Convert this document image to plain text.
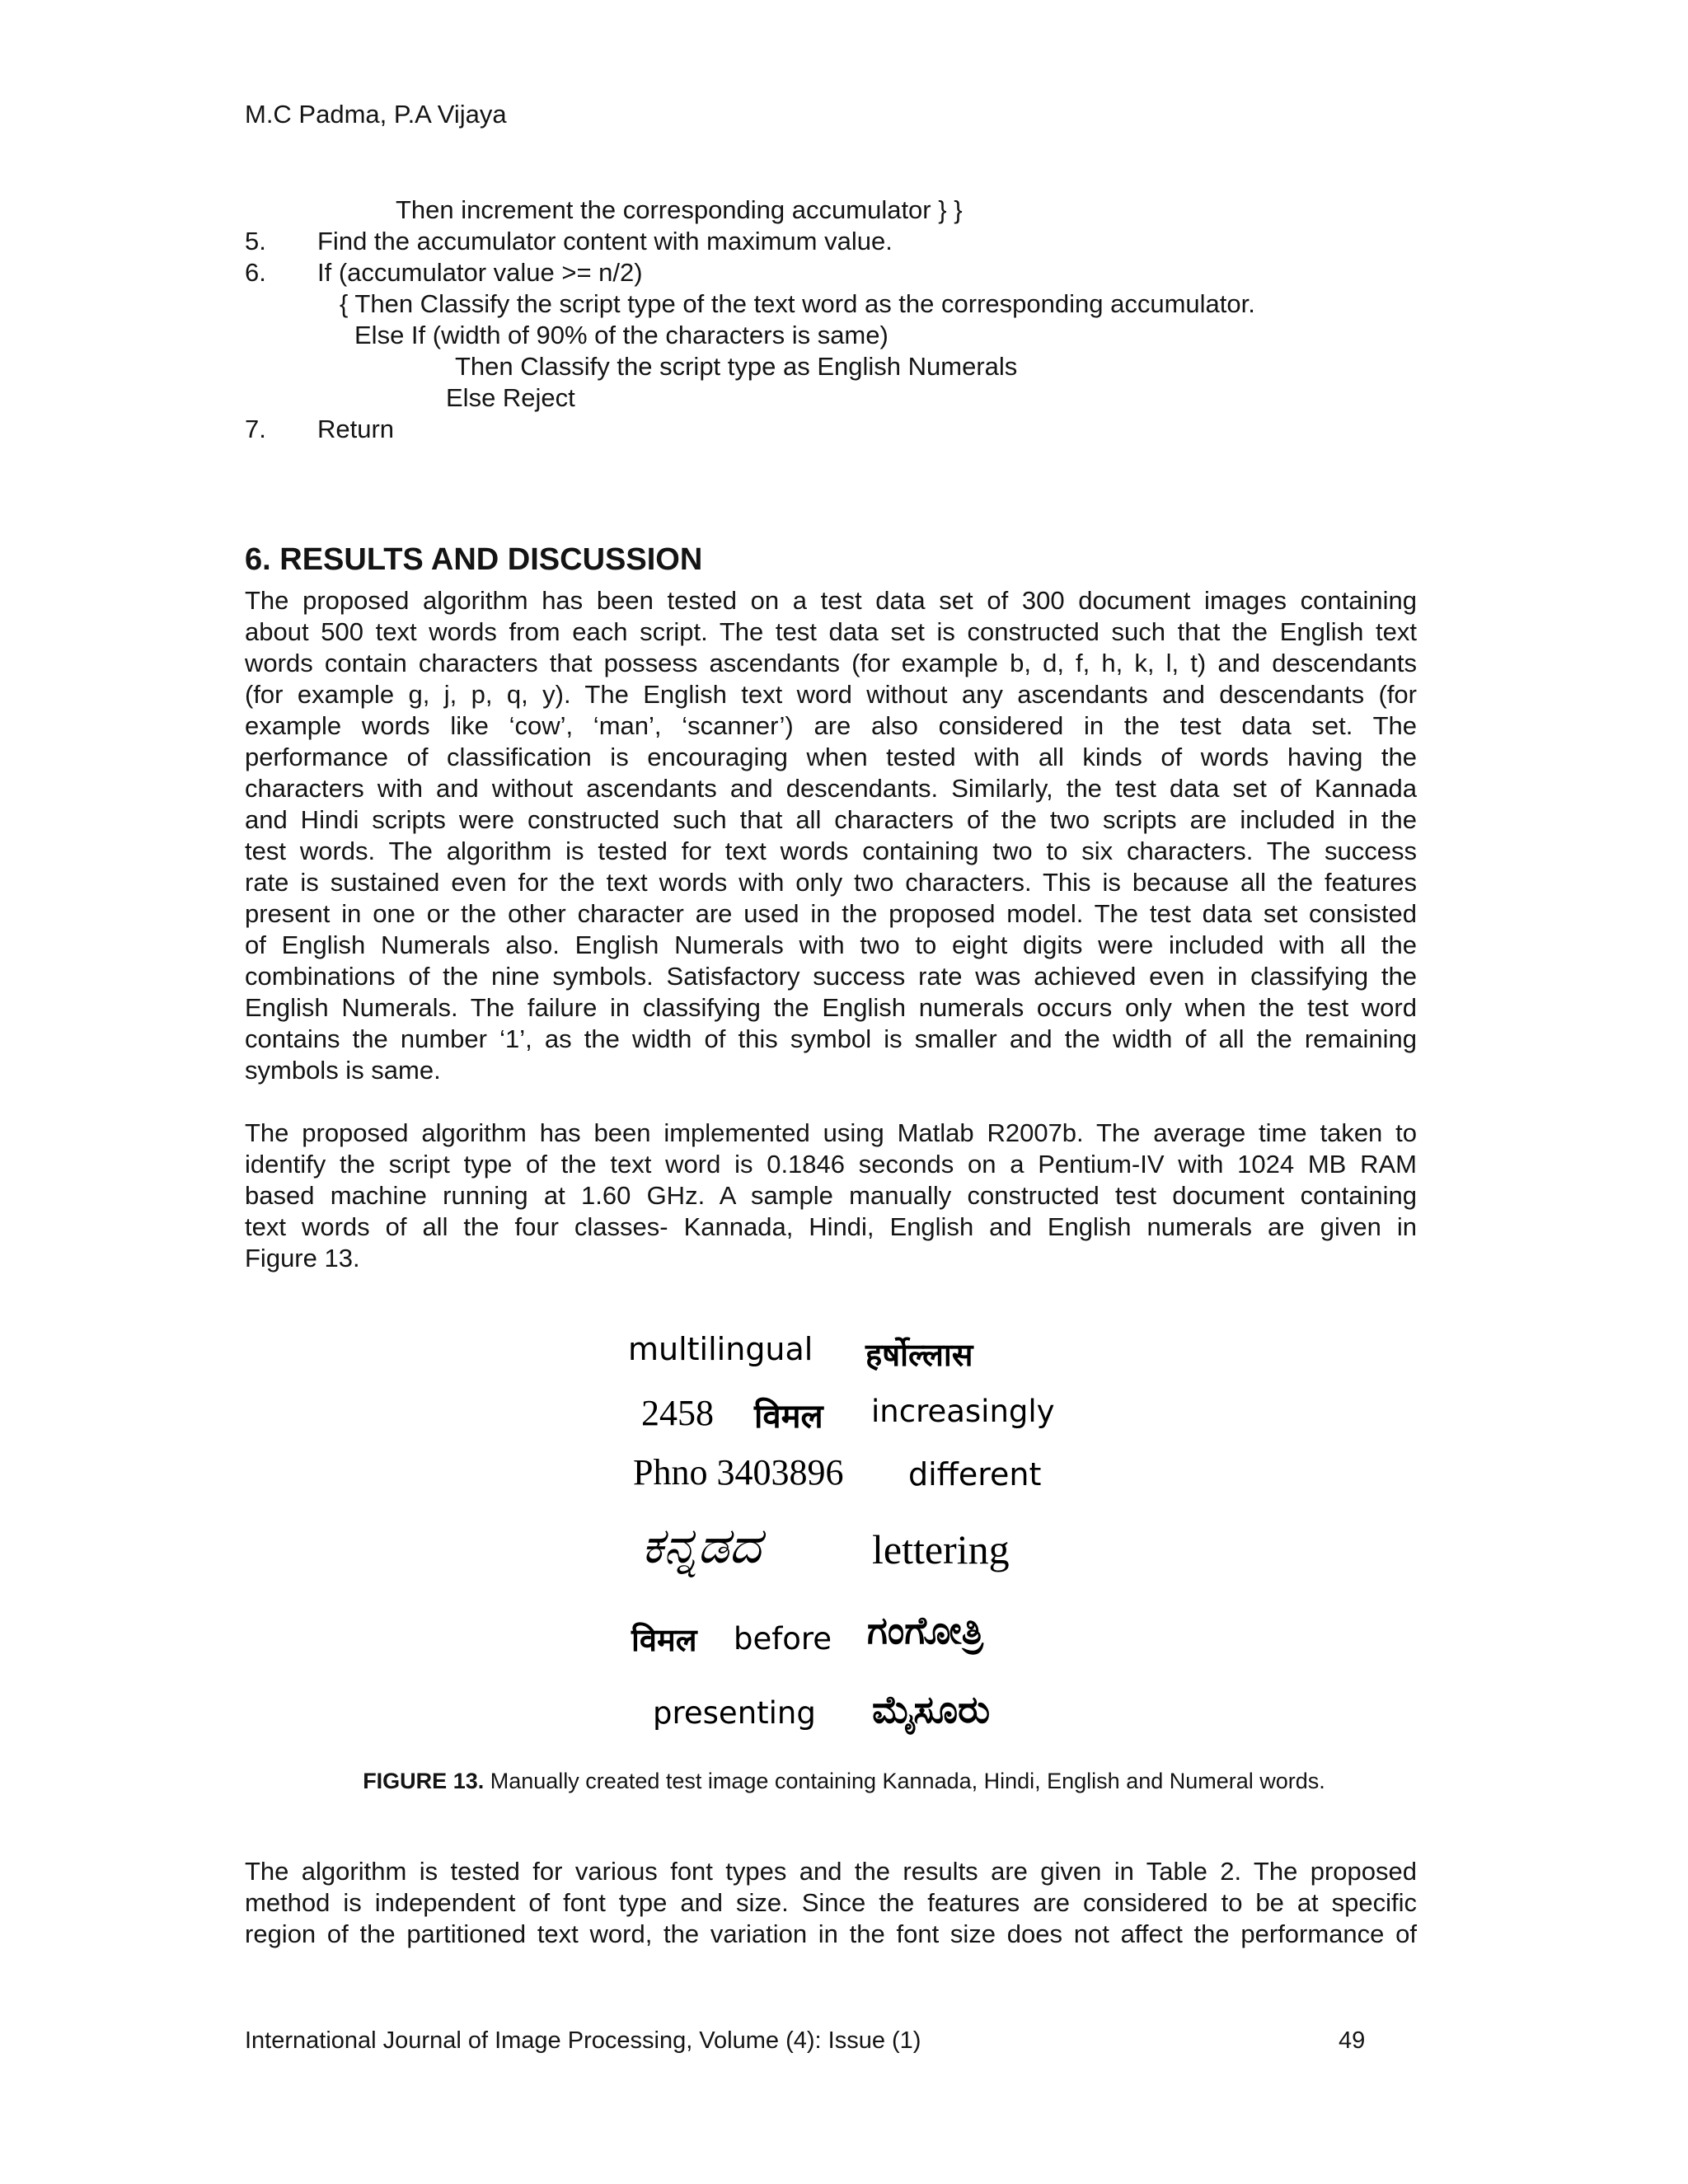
M.C Padma, P.A Vijaya
Then increment the corresponding accumulator } }
5. Find the accumulator content with maximum value.
6. If (accumulator value >= n/2)
{ Then Classify the script type of the text word as the corresponding accumulator.
Else If (width of 90% of the characters is same)
Then Classify the script type as English Numerals
Else Reject
7. Return
6. RESULTS AND DISCUSSION
The proposed algorithm has been tested on a test data set of 300 document images containing
about 500 text words from each script. The test data set is constructed such that the English text
words contain characters that possess ascendants (for example b, d, f, h, k, l, t) and descendants
(for example g, j, p, q, y). The English text word without any ascendants and descendants (for
example words like ‘cow’, ‘man’, ‘scanner’) are also considered in the test data set. The
performance of classification is encouraging when tested with all kinds of words having the
characters with and without ascendants and descendants. Similarly, the test data set of Kannada
and Hindi scripts were constructed such that all characters of the two scripts are included in the
test words. The algorithm is tested for text words containing two to six characters. The success
rate is sustained even for the text words with only two characters. This is because all the features
present in one or the other character are used in the proposed model. The test data set consisted
of English Numerals also. English Numerals with two to eight digits were included with all the
combinations of the nine symbols. Satisfactory success rate was achieved even in classifying the
English Numerals. The failure in classifying the English numerals occurs only when the test word
contains the number ‘1’, as the width of this symbol is smaller and the width of all the remaining
symbols is same.
The proposed algorithm has been implemented using Matlab R2007b. The average time taken to
identify the script type of the text word is 0.1846 seconds on a Pentium-IV with 1024 MB RAM
based machine running at 1.60 GHz. A sample manually constructed test document containing
text words of all the four classes- Kannada, Hindi, English and English numerals are given in
Figure 13.
multilingual हर्षोल्लास
2458 विमल increasingly
Phno 3403896 different
ಕನ್ನಡದ	lettering
विमल before ಗಂಗೋತ್ರಿ
presenting ಮೈಸೂರು
FIGURE 13. Manually created test image containing Kannada, Hindi, English and Numeral words.
The algorithm is tested for various font types and the results are given in Table 2. The proposed
method is independent of font type and size. Since the features are considered to be at specific
region of the partitioned text word, the variation in the font size does not affect the performance of
International Journal of Image Processing, Volume (4): Issue (1)	49
